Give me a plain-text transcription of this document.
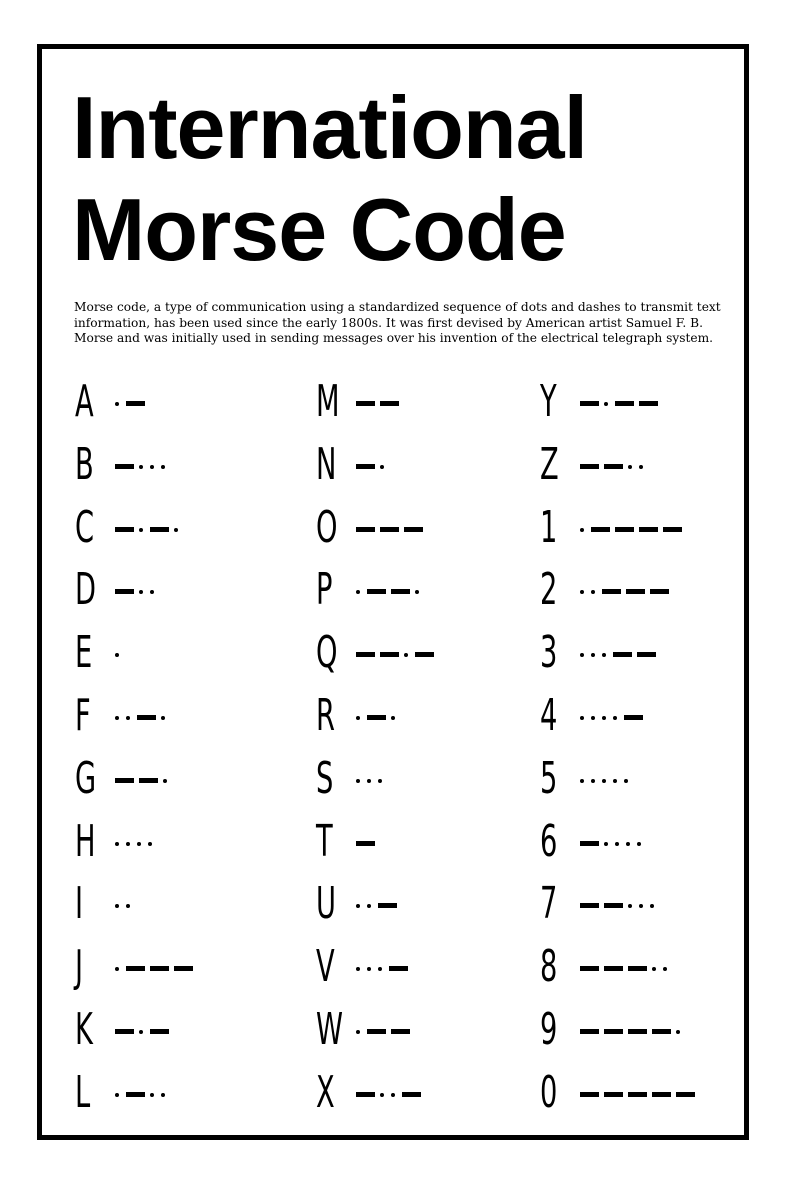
International
Morse Code

Morse code, a type of communication using a standardized sequence of dots and dashes to transmit text information, has been used since the early 1800s. It was first devised by American artist Samuel F. B. Morse and was initially used in sending messages over his invention of the electrical telegraph system.

A
B
C
D
E
F
G
H
I
J
K
L
M
N
O
P
Q
R
S
T
U
V
W
X
Y
Z
1
2
3
4
5
6
7
8
9
0
